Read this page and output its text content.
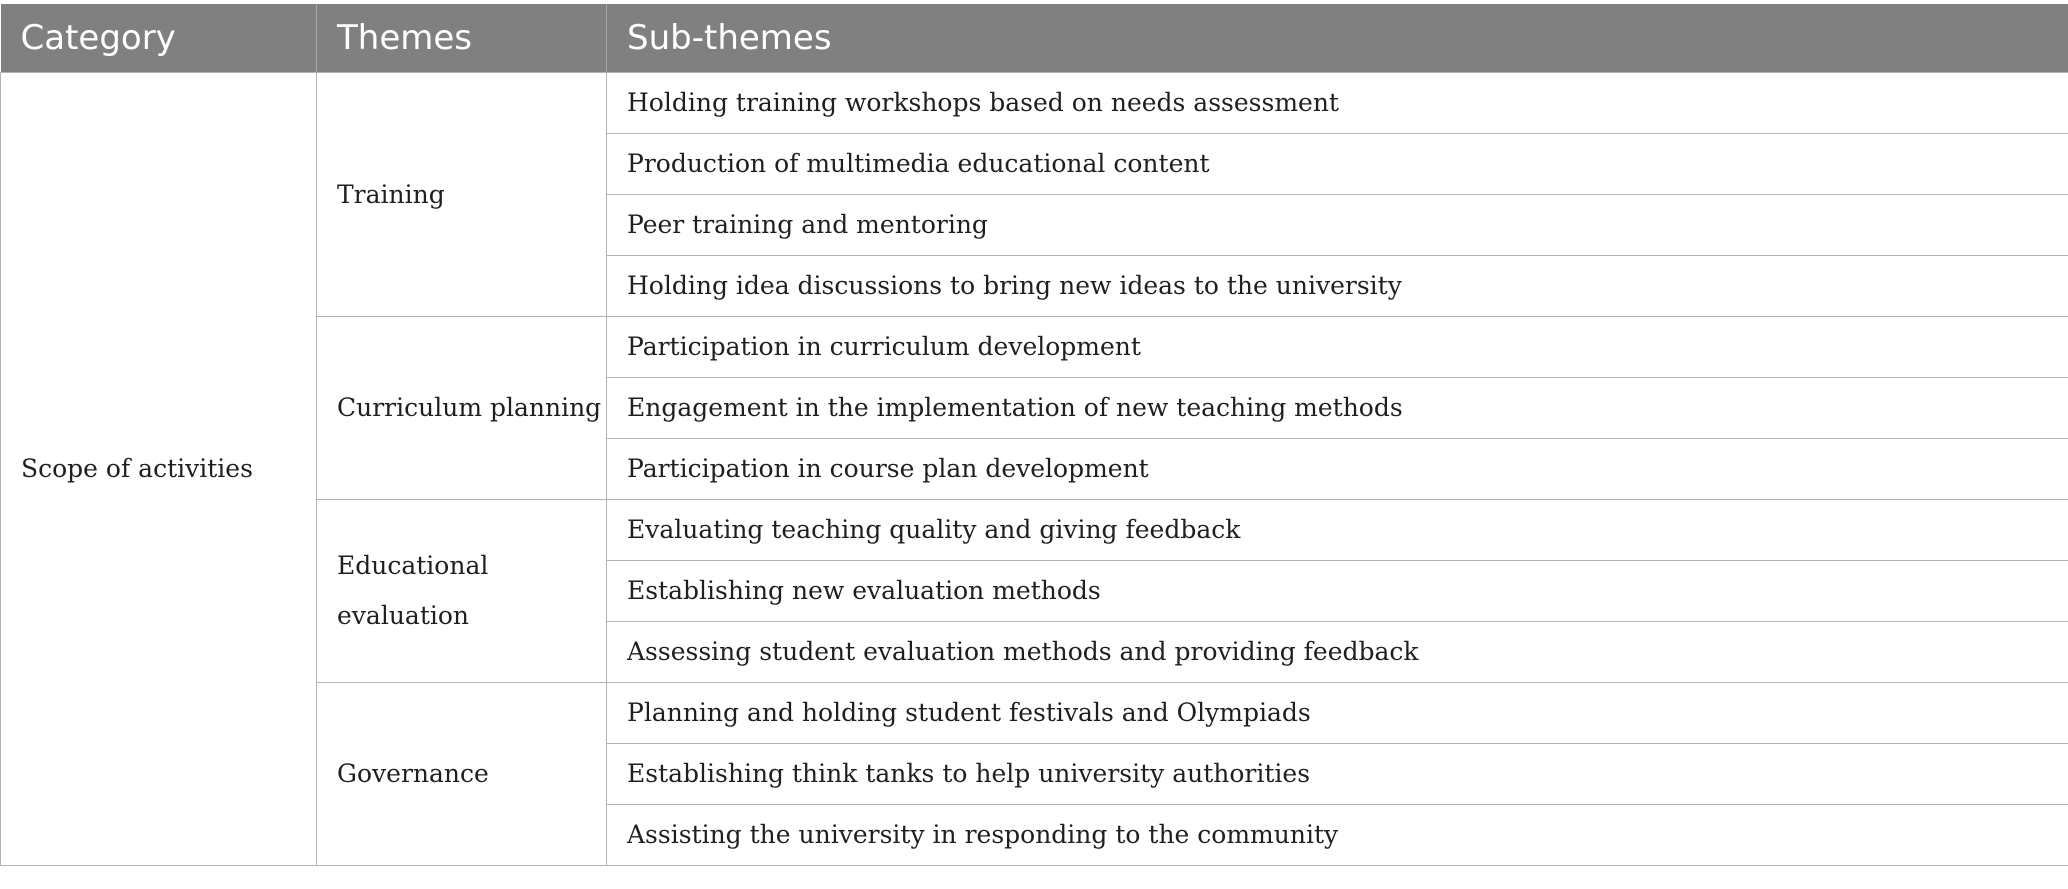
Category	Themes	Sub-themes
Scope of activities	Training	Holding training workshops based on needs assessment
		Production of multimedia educational content
		Peer training and mentoring
		Holding idea discussions to bring new ideas to the university
	Curriculum planning	Participation in curriculum development
		Engagement in the implementation of new teaching methods
		Participation in course plan development
	Educational evaluation	Evaluating teaching quality and giving feedback
		Establishing new evaluation methods
		Assessing student evaluation methods and providing feedback
	Governance	Planning and holding student festivals and Olympiads
		Establishing think tanks to help university authorities
		Assisting the university in responding to the community
